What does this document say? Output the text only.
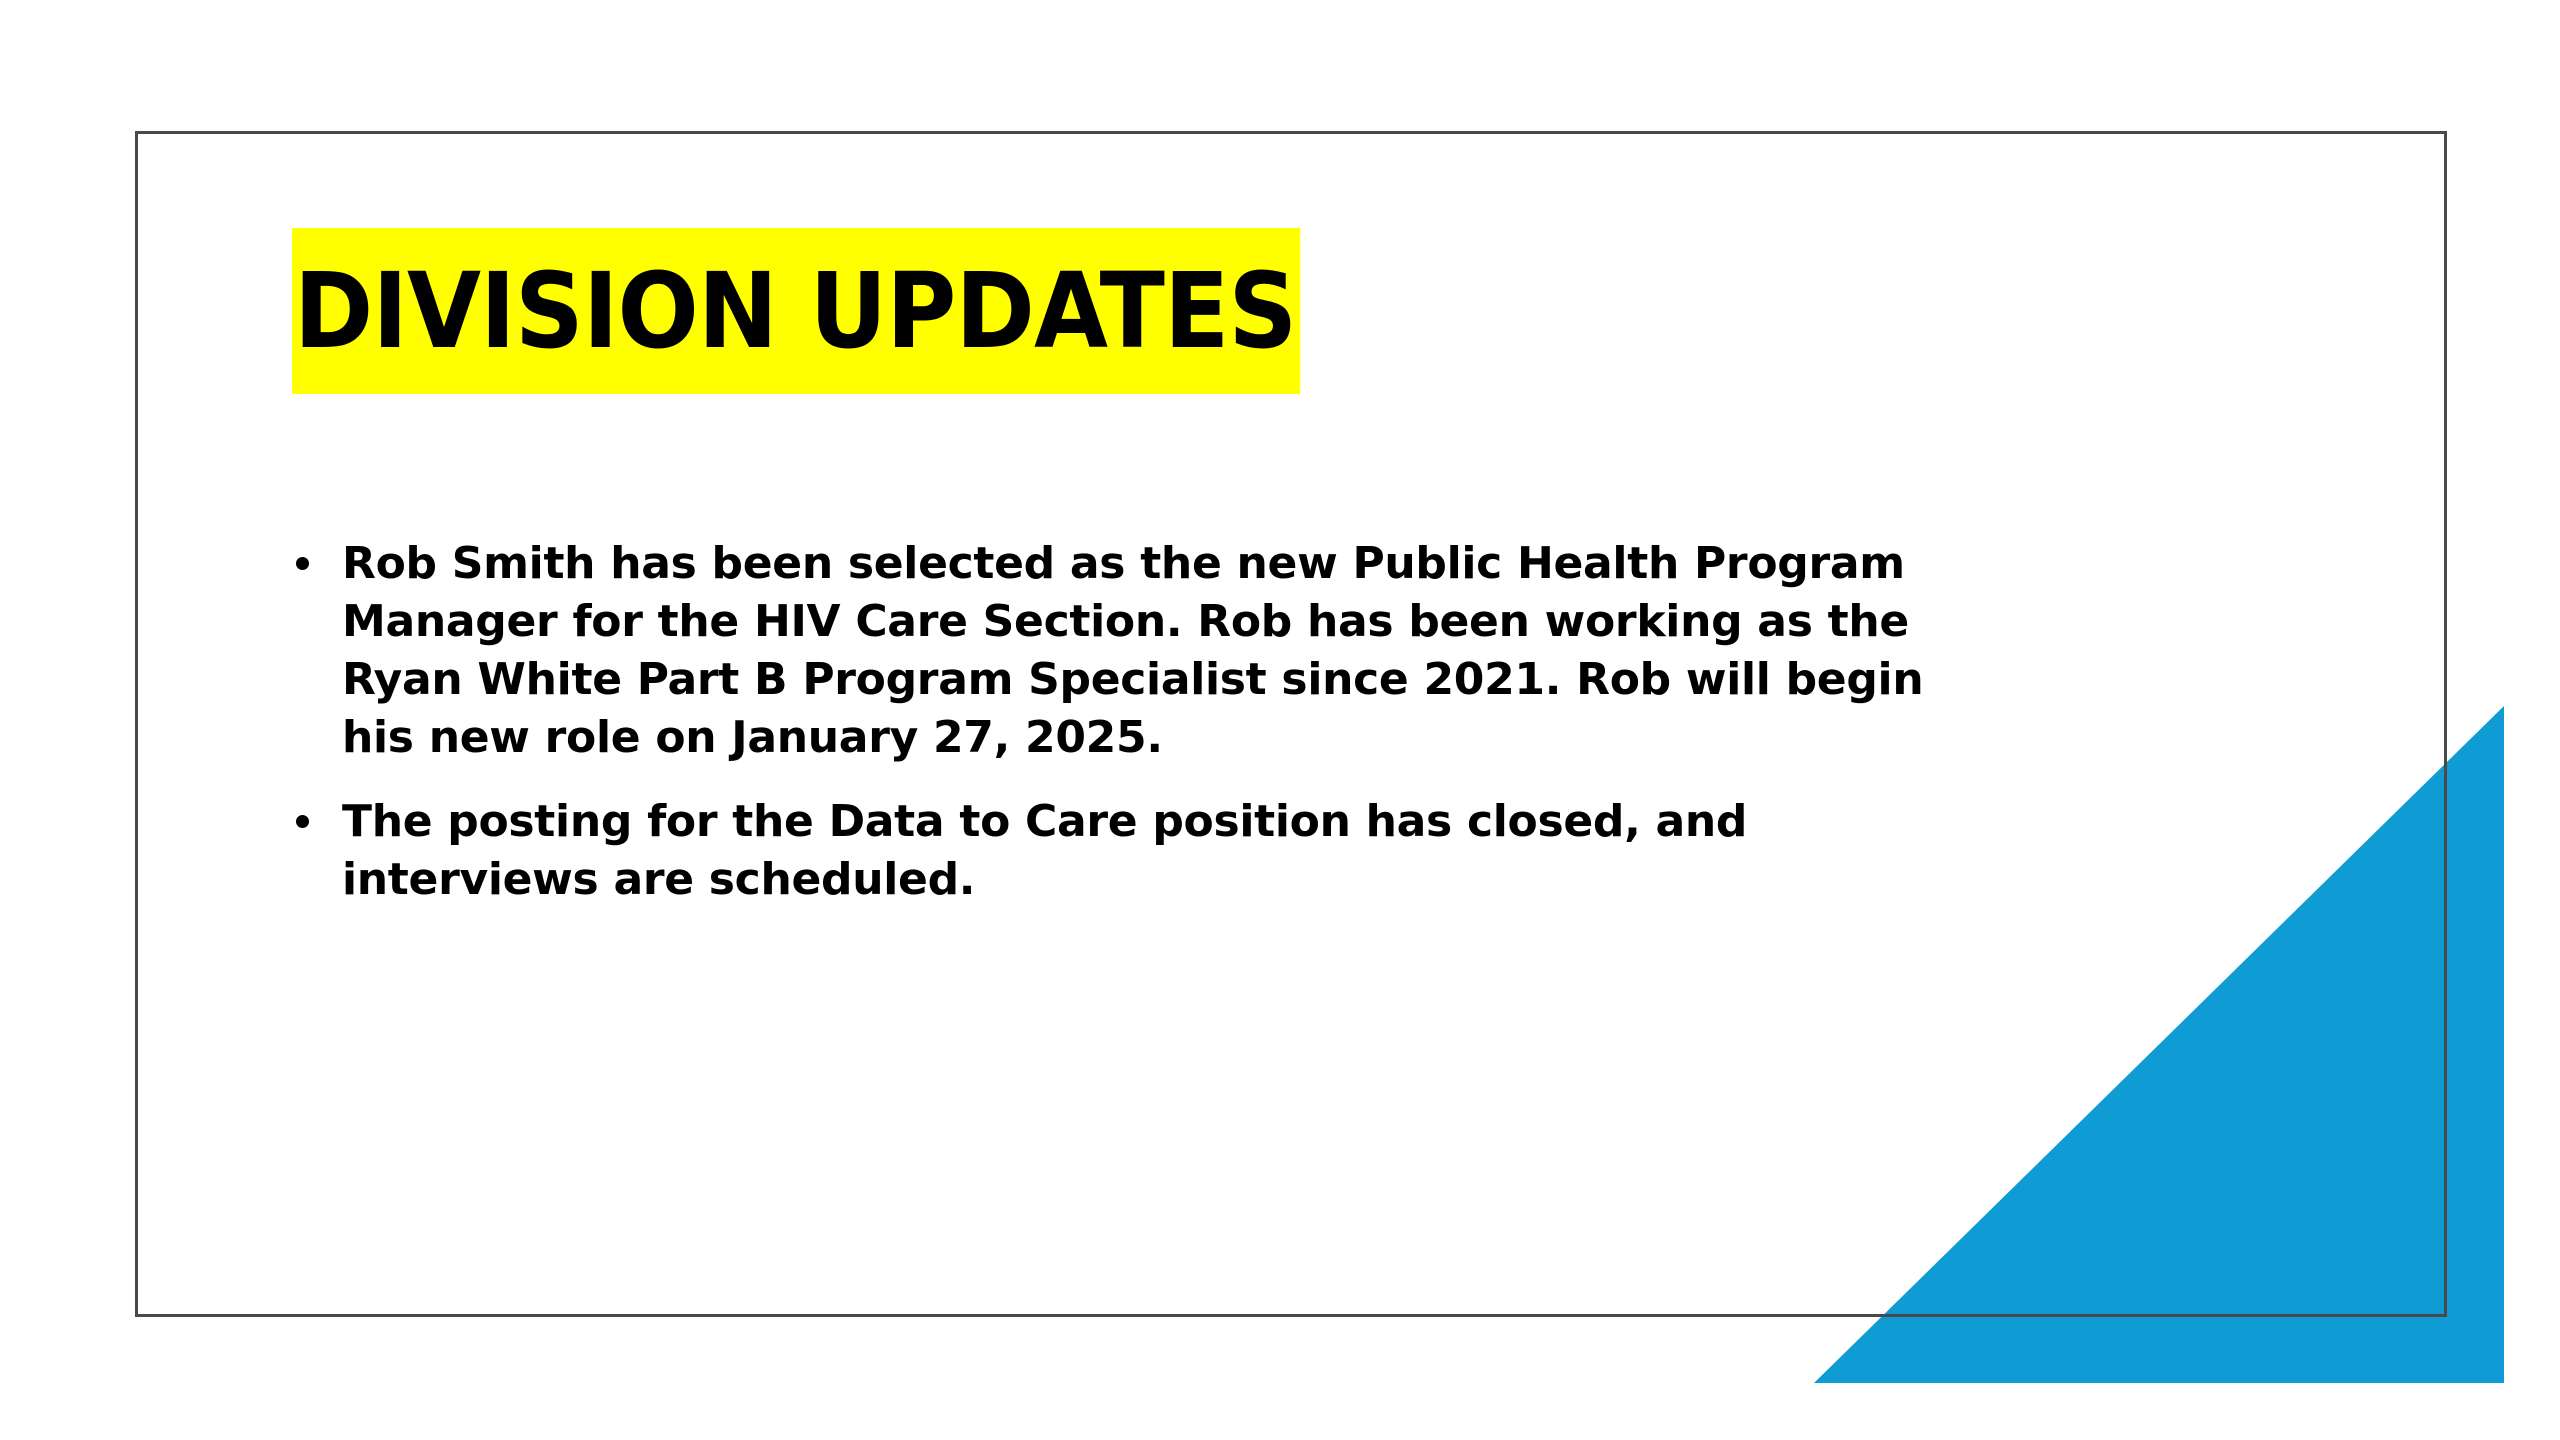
DIVISION UPDATES
Rob Smith has been selected as the new Public Health Program Manager for the HIV Care Section. Rob has been working as the Ryan White Part B Program Specialist since 2021. Rob will begin his new role on January 27, 2025.
The posting for the Data to Care position has closed, and interviews are scheduled.
